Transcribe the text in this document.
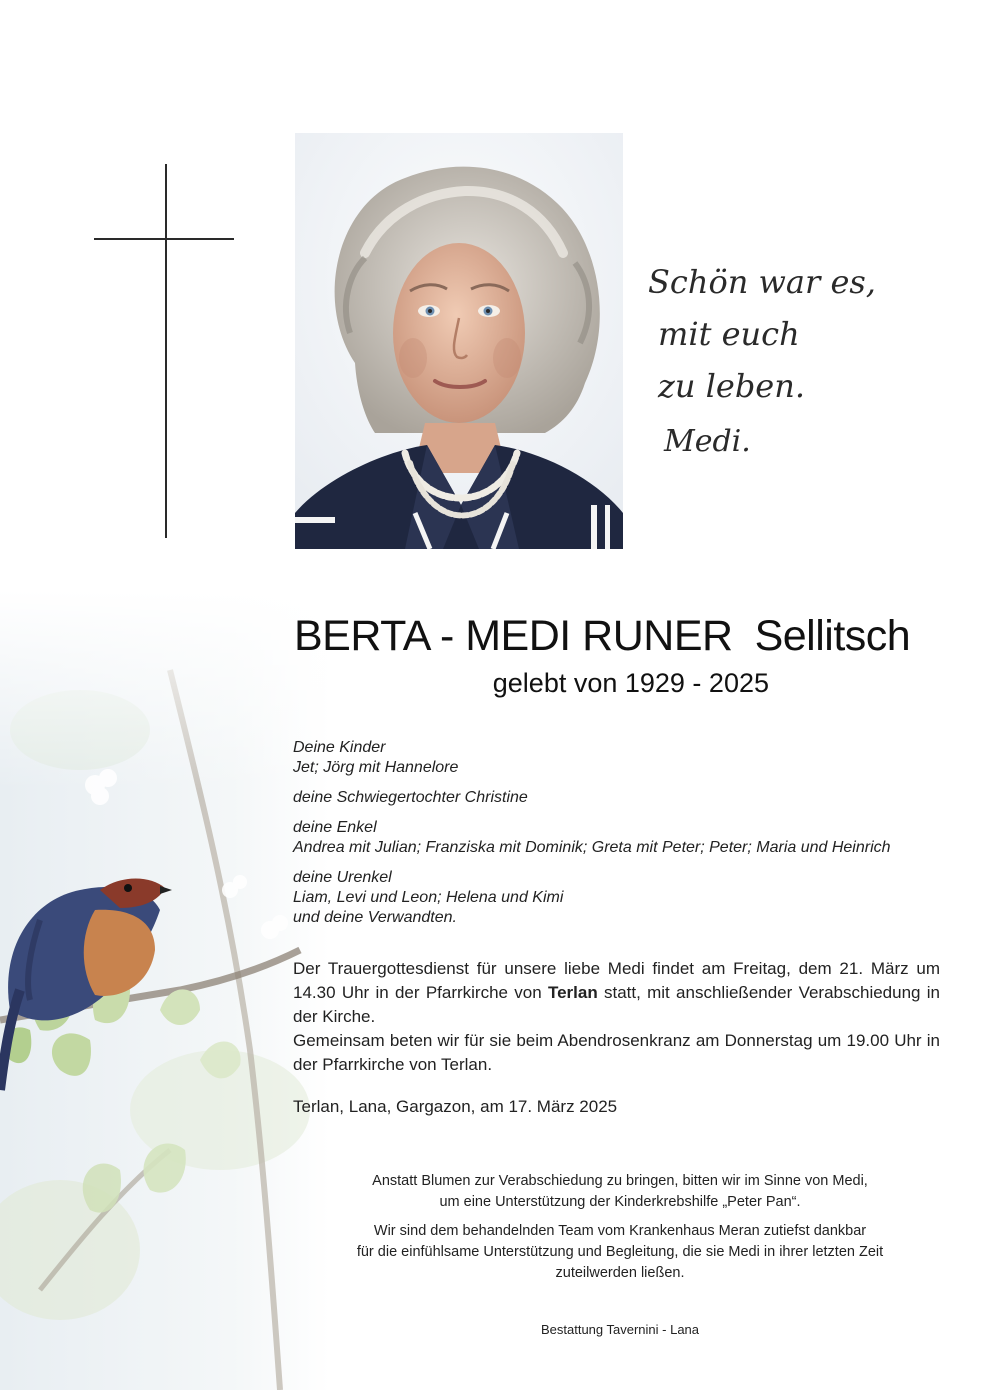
Schön war es,
mit euch
zu leben.
Medi.
BERTA - MEDI RUNER Sellitsch
gelebt von 1929 - 2025
Deine Kinder
Jet; Jörg mit Hannelore
deine Schwiegertochter Christine
deine Enkel
Andrea mit Julian; Franziska mit Dominik; Greta mit Peter; Peter; Maria und Heinrich
deine Urenkel
Liam, Levi und Leon; Helena und Kimi
und deine Verwandten.
Der Trauergottesdienst für unsere liebe Medi findet am Freitag, dem 21. März um 14.30 Uhr in der Pfarrkirche von Terlan statt, mit anschließender Verabschiedung in der Kirche.
Gemeinsam beten wir für sie beim Abendrosenkranz am Donnerstag um 19.00 Uhr in der Pfarrkirche von Terlan.
Terlan, Lana, Gargazon, am 17. März 2025
Anstatt Blumen zur Verabschiedung zu bringen, bitten wir im Sinne von Medi,
um eine Unterstützung der Kinderkrebshilfe „Peter Pan“.
Wir sind dem behandelnden Team vom Krankenhaus Meran zutiefst dankbar
für die einfühlsame Unterstützung und Begleitung, die sie Medi in ihrer letzten Zeit
zuteilwerden ließen.
Bestattung Tavernini - Lana
